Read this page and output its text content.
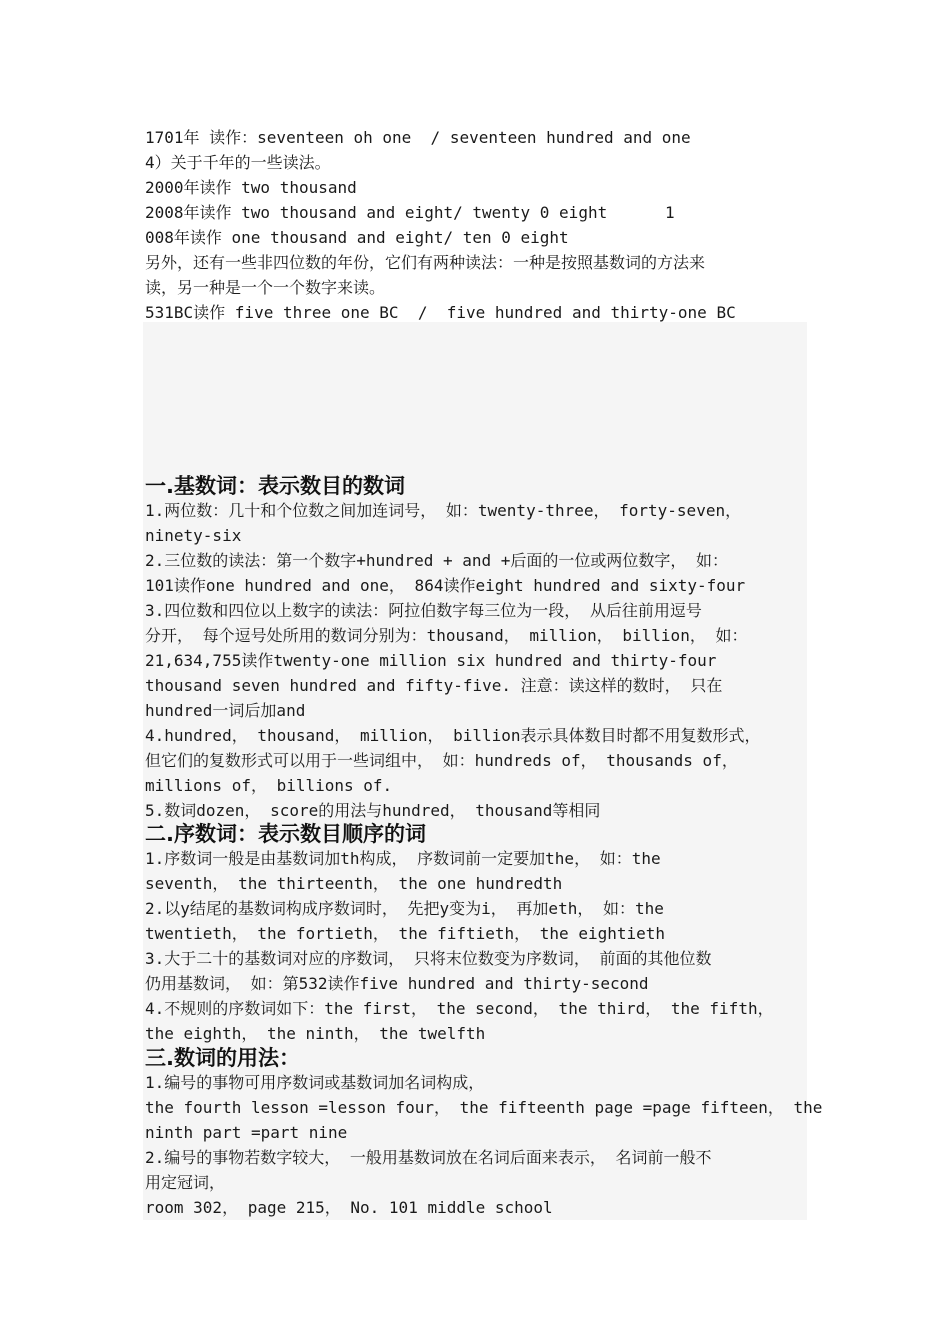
1701年 读作：seventeen oh one  / seventeen hundred and one
4）关于千年的一些读法。
2000年读作 two thousand
2008年读作 two thousand and eight/ twenty 0 eight      1
008年读作 one thousand and eight/ ten 0 eight
另外，还有一些非四位数的年份，它们有两种读法：一种是按照基数词的方法来
读，另一种是一个一个数字来读。
531BC读作 five three one BC  /  five hundred and thirty-one BC
一.基数词：表示数目的数词
1.两位数：几十和个位数之间加连词号， 如：twenty-three， forty-seven，
ninety-six
2.三位数的读法：第一个数字+hundred + and +后面的一位或两位数字， 如：
101读作one hundred and one， 864读作eight hundred and sixty-four
3.四位数和四位以上数字的读法：阿拉伯数字每三位为一段， 从后往前用逗号
分开， 每个逗号处所用的数词分别为：thousand， million， billion， 如：
21,634,755读作twenty-one million six hundred and thirty-four
thousand seven hundred and fifty-five. 注意：读这样的数时， 只在
hundred一词后加and
4.hundred， thousand， million， billion表示具体数目时都不用复数形式，
但它们的复数形式可以用于一些词组中， 如：hundreds of， thousands of，
millions of， billions of.
5.数词dozen， score的用法与hundred， thousand等相同
二.序数词：表示数目顺序的词
1.序数词一般是由基数词加th构成， 序数词前一定要加the， 如：the
seventh， the thirteenth， the one hundredth
2.以y结尾的基数词构成序数词时， 先把y变为i， 再加eth， 如：the
twentieth， the fortieth， the fiftieth， the eightieth
3.大于二十的基数词对应的序数词， 只将末位数变为序数词， 前面的其他位数
仍用基数词， 如：第532读作five hundred and thirty-second
4.不规则的序数词如下：the first， the second， the third， the fifth，
the eighth， the ninth， the twelfth
三.数词的用法：
1.编号的事物可用序数词或基数词加名词构成，
the fourth lesson =lesson four， the fifteenth page =page fifteen， the
ninth part =part nine
2.编号的事物若数字较大， 一般用基数词放在名词后面来表示， 名词前一般不
用定冠词，
room 302， page 215， No. 101 middle school
